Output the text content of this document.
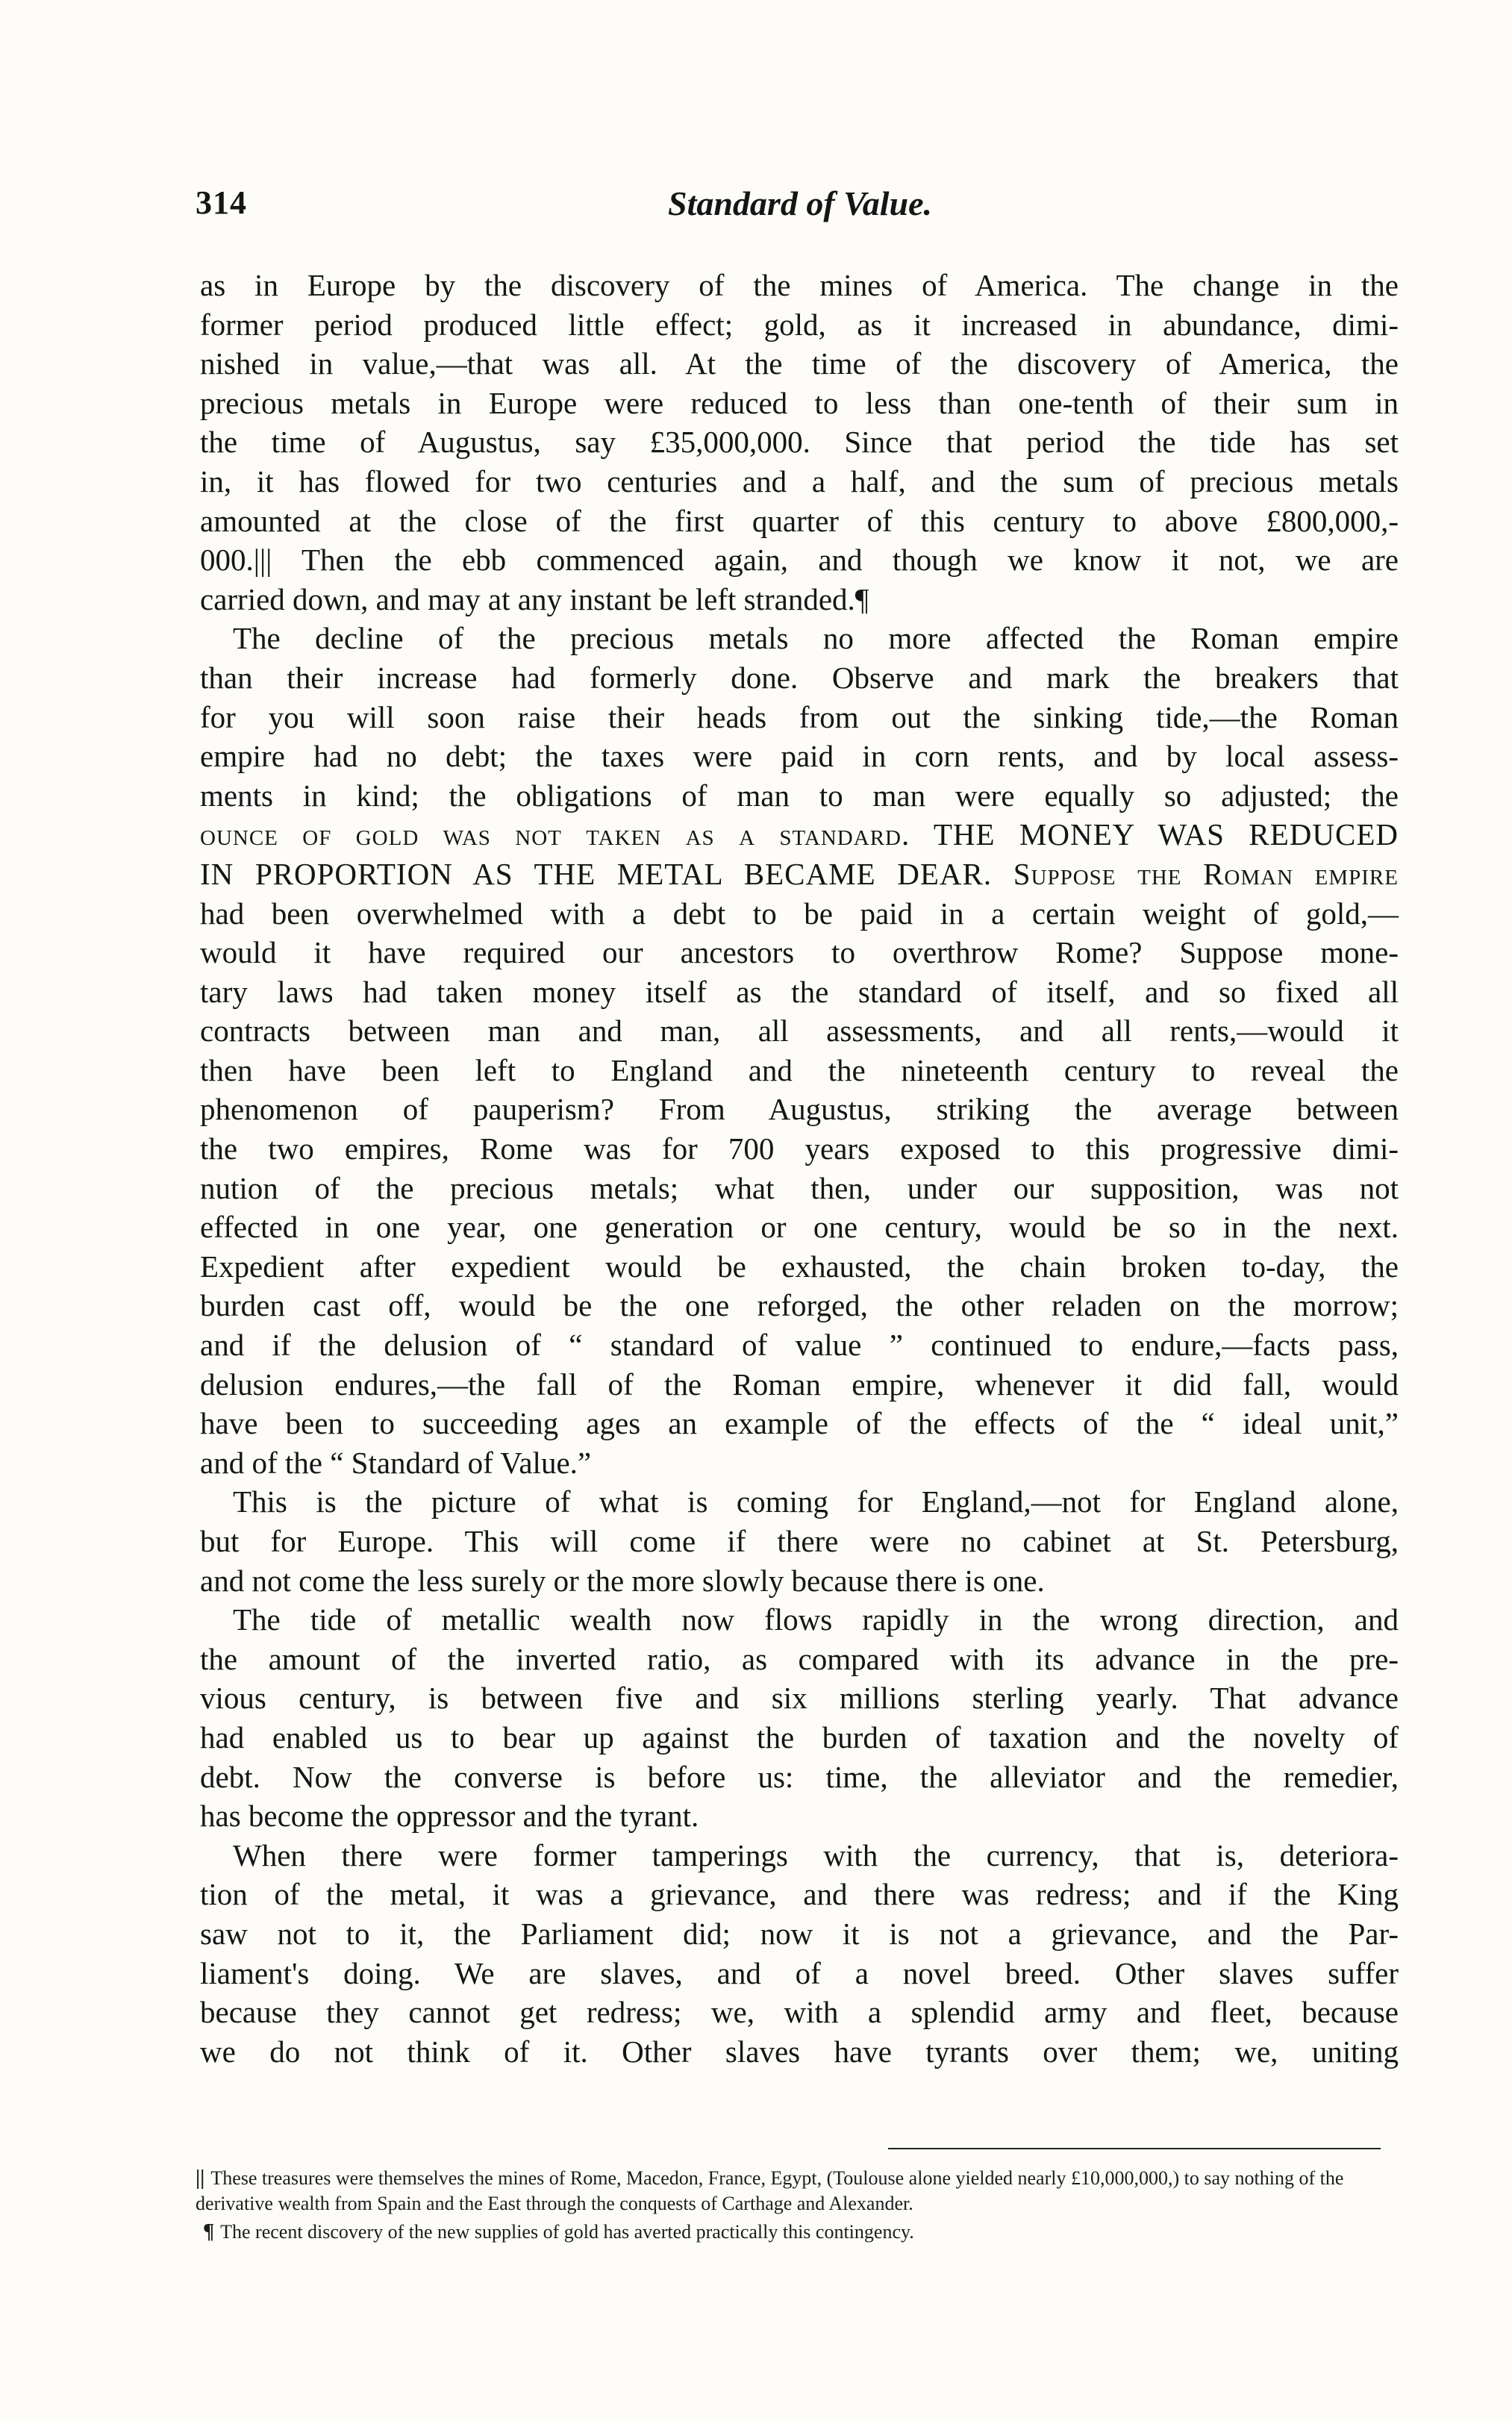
314	Standard of Value.
as in Europe by the discovery of the mines of America. The change in the
former period produced little effect; gold, as it increased in abundance, dimi-
nished in value,—that was all. At the time of the discovery of America, the
precious metals in Europe were reduced to less than one-tenth of their sum in
the time of Augustus, say £35,000,000. Since that period the tide has set
in, it has flowed for two centuries and a half, and the sum of precious metals
amounted at the close of the first quarter of this century to above £800,000,-
000.||| Then the ebb commenced again, and though we know it not, we are
carried down, and may at any instant be left stranded.¶
The decline of the precious metals no more affected the Roman empire
than their increase had formerly done. Observe and mark the breakers that
for you will soon raise their heads from out the sinking tide,—the Roman
empire had no debt; the taxes were paid in corn rents, and by local assess-
ments in kind; the obligations of man to man were equally so adjusted; the
ounce of gold was not taken as a standard. THE MONEY WAS REDUCED
IN PROPORTION AS THE METAL BECAME DEAR. Suppose the Roman empire
had been overwhelmed with a debt to be paid in a certain weight of gold,—
would it have required our ancestors to overthrow Rome? Suppose mone-
tary laws had taken money itself as the standard of itself, and so fixed all
contracts between man and man, all assessments, and all rents,—would it
then have been left to England and the nineteenth century to reveal the
phenomenon of pauperism? From Augustus, striking the average between
the two empires, Rome was for 700 years exposed to this progressive dimi-
nution of the precious metals; what then, under our supposition, was not
effected in one year, one generation or one century, would be so in the next.
Expedient after expedient would be exhausted, the chain broken to-day, the
burden cast off, would be the one reforged, the other reladen on the morrow;
and if the delusion of “ standard of value ” continued to endure,—facts pass,
delusion endures,—the fall of the Roman empire, whenever it did fall, would
have been to succeeding ages an example of the effects of the “ ideal unit,”
and of the “ Standard of Value.”
This is the picture of what is coming for England,—not for England alone,
but for Europe. This will come if there were no cabinet at St. Petersburg,
and not come the less surely or the more slowly because there is one.
The tide of metallic wealth now flows rapidly in the wrong direction, and
the amount of the inverted ratio, as compared with its advance in the pre-
vious century, is between five and six millions sterling yearly. That advance
had enabled us to bear up against the burden of taxation and the novelty of
debt. Now the converse is before us: time, the alleviator and the remedier,
has become the oppressor and the tyrant.
When there were former tamperings with the currency, that is, deteriora-
tion of the metal, it was a grievance, and there was redress; and if the King
saw not to it, the Parliament did; now it is not a grievance, and the Par-
liament's doing. We are slaves, and of a novel breed. Other slaves suffer
because they cannot get redress; we, with a splendid army and fleet, because
we do not think of it. Other slaves have tyrants over them; we, uniting

|| These treasures were themselves the mines of Rome, Macedon, France, Egypt, (Toulouse alone yielded nearly £10,000,000,) to say nothing of the derivative wealth from Spain and the East through the conquests of Carthage and Alexander.

¶ The recent discovery of the new supplies of gold has averted practically this contingency.
